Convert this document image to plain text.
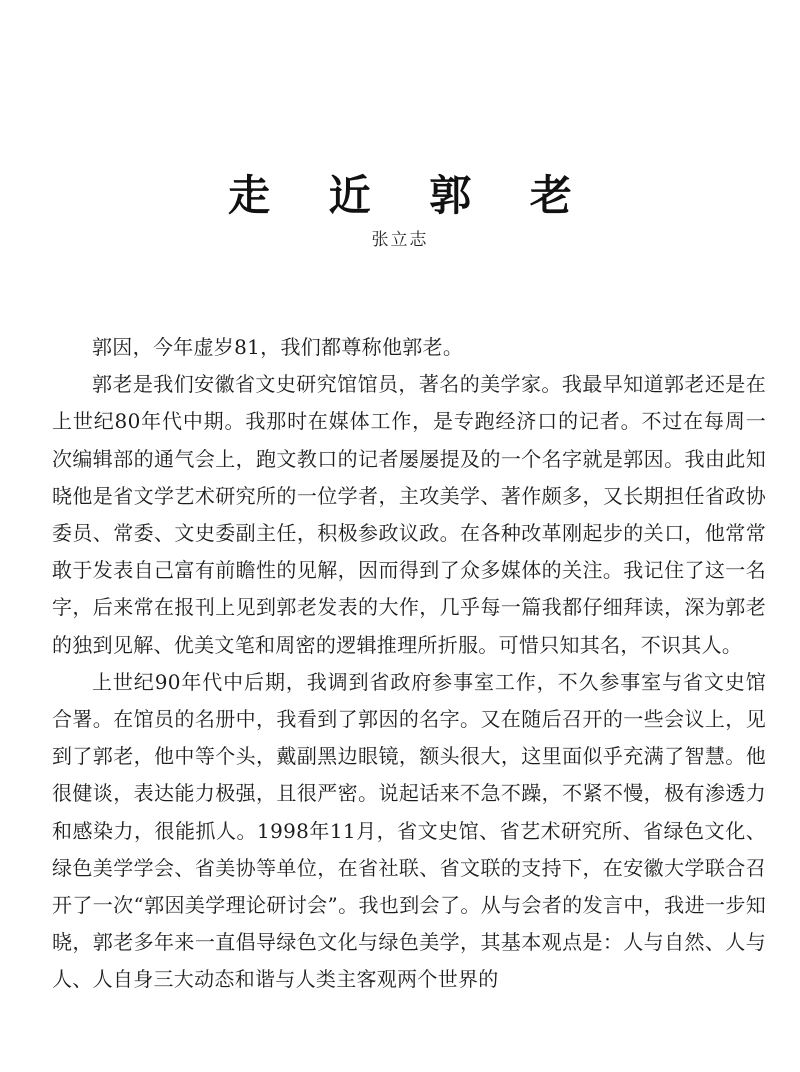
走 近 郭 老
张立志

郭因，今年虚岁81，我们都尊称他郭老。

郭老是我们安徽省文史研究馆馆员，著名的美学家。我最早知道郭老还是在上世纪80年代中期。我那时在媒体工作，是专跑经济口的记者。不过在每周一次编辑部的通气会上，跑文教口的记者屡屡提及的一个名字就是郭因。我由此知晓他是省文学艺术研究所的一位学者，主攻美学、著作颇多，又长期担任省政协委员、常委、文史委副主任，积极参政议政。在各种改革刚起步的关口，他常常敢于发表自己富有前瞻性的见解，因而得到了众多媒体的关注。我记住了这一名字，后来常在报刊上见到郭老发表的大作，几乎每一篇我都仔细拜读，深为郭老的独到见解、优美文笔和周密的逻辑推理所折服。可惜只知其名，不识其人。

上世纪90年代中后期，我调到省政府参事室工作，不久参事室与省文史馆合署。在馆员的名册中，我看到了郭因的名字。又在随后召开的一些会议上，见到了郭老，他中等个头，戴副黑边眼镜，额头很大，这里面似乎充满了智慧。他很健谈，表达能力极强，且很严密。说起话来不急不躁，不紧不慢，极有渗透力和感染力，很能抓人。1998年11月，省文史馆、省艺术研究所、省绿色文化、绿色美学学会、省美协等单位，在省社联、省文联的支持下，在安徽大学联合召开了一次“郭因美学理论研讨会”。我也到会了。从与会者的发言中，我进一步知晓，郭老多年来一直倡导绿色文化与绿色美学，其基本观点是：人与自然、人与人、人自身三大动态和谐与人类主客观两个世界的
